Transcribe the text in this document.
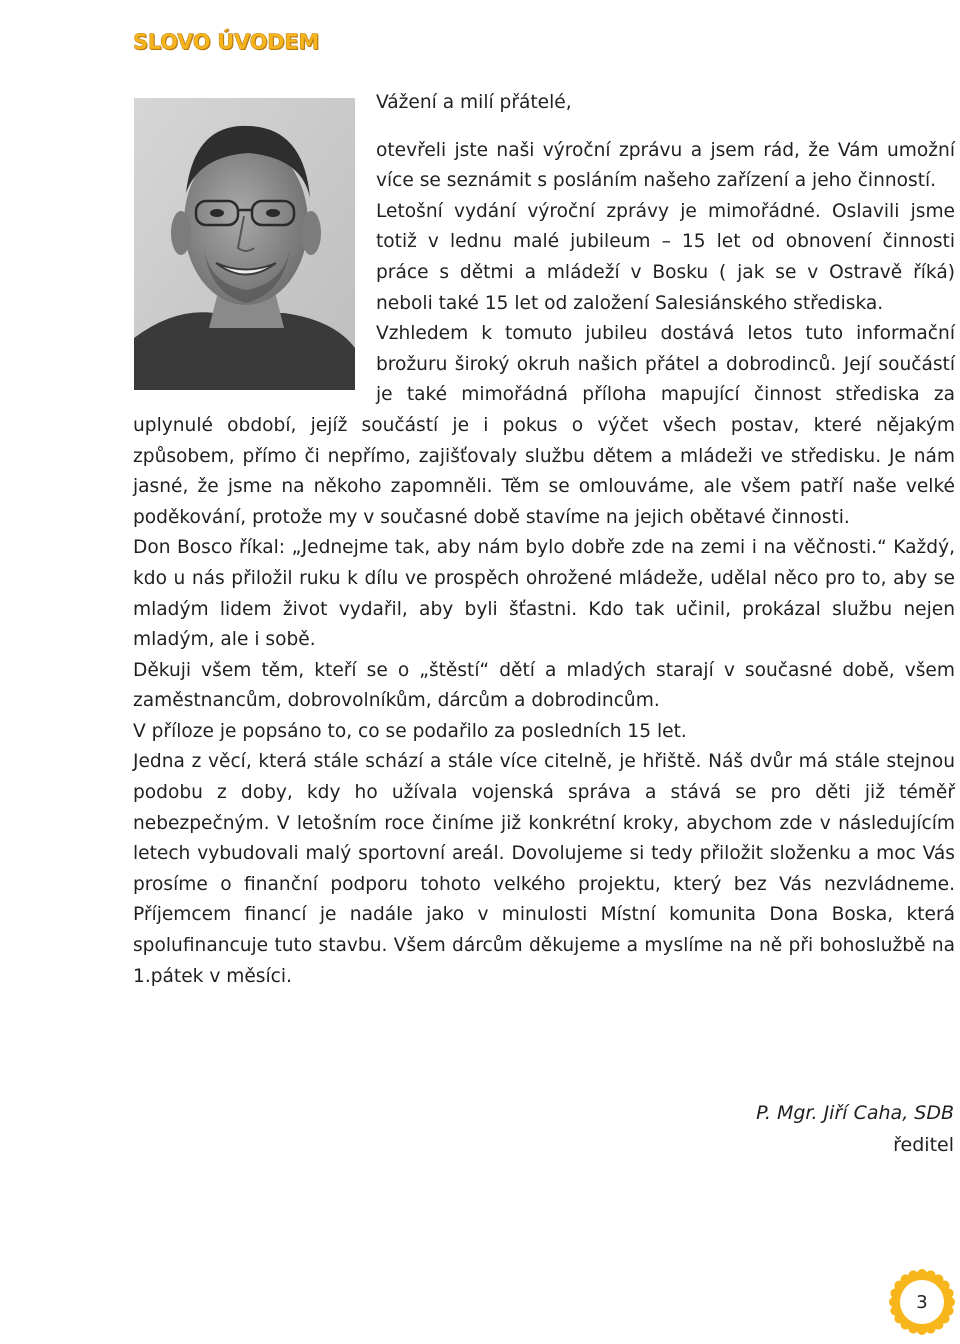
SLOVO ÚVODEM

Vážení a milí přátelé,

otevřeli jste naši výroční zprávu a jsem rád, že Vám umožní více se seznámit s posláním našeho zařízení a jeho činností.

Letošní vydání výroční zprávy je mimořádné. Oslavili jsme totiž v lednu malé jubileum – 15 let od obnovení činnosti práce s dětmi a mládeží v Bosku ( jak se v Ostravě říká) neboli také 15 let od založení Salesiánského střediska.

Vzhledem k tomuto jubileu dostává letos tuto informační brožuru široký okruh našich přátel a dobrodinců. Její součástí je také mimořádná příloha mapující činnost střediska za uplynulé období, jejíž součástí je i pokus o výčet všech postav, které nějakým způsobem, přímo či nepřímo, zajišťovaly službu dětem a mládeži ve středisku. Je nám jasné, že jsme na někoho zapomněli. Těm se omlouváme, ale všem patří naše velké poděkování, protože my v současné době stavíme na jejich obětavé činnosti.

Don Bosco říkal: „Jednejme tak, aby nám bylo dobře zde na zemi i na věčnosti.“ Každý, kdo u nás přiložil ruku k dílu ve prospěch ohrožené mládeže, udělal něco pro to, aby se mladým lidem život vydařil, aby byli šťastni. Kdo tak učinil, prokázal službu nejen mladým, ale i sobě.

Děkuji všem těm, kteří se o „štěstí“ dětí a mladých starají v současné době, všem zaměstnancům, dobrovolníkům, dárcům a dobrodincům.

V příloze je popsáno to, co se podařilo za posledních 15 let.

Jedna z věcí, která stále schází a stále více citelně, je hřiště. Náš dvůr má stále stejnou podobu z doby, kdy ho užívala vojenská správa a stává se pro děti již téměř nebezpečným. V letošním roce činíme již konkrétní kroky, abychom zde v následujícím letech vybudovali malý sportovní areál. Dovolujeme si tedy přiložit složenku a moc Vás prosíme o finanční podporu tohoto velkého projektu, který bez Vás nezvládneme. Příjemcem financí je nadále jako v minulosti Místní komunita Dona Boska, která spolufinancuje tuto stavbu. Všem dárcům děkujeme a myslíme na ně při bohoslužbě na 1.pátek v měsíci.

P. Mgr. Jiří Caha, SDB
ředitel
3
